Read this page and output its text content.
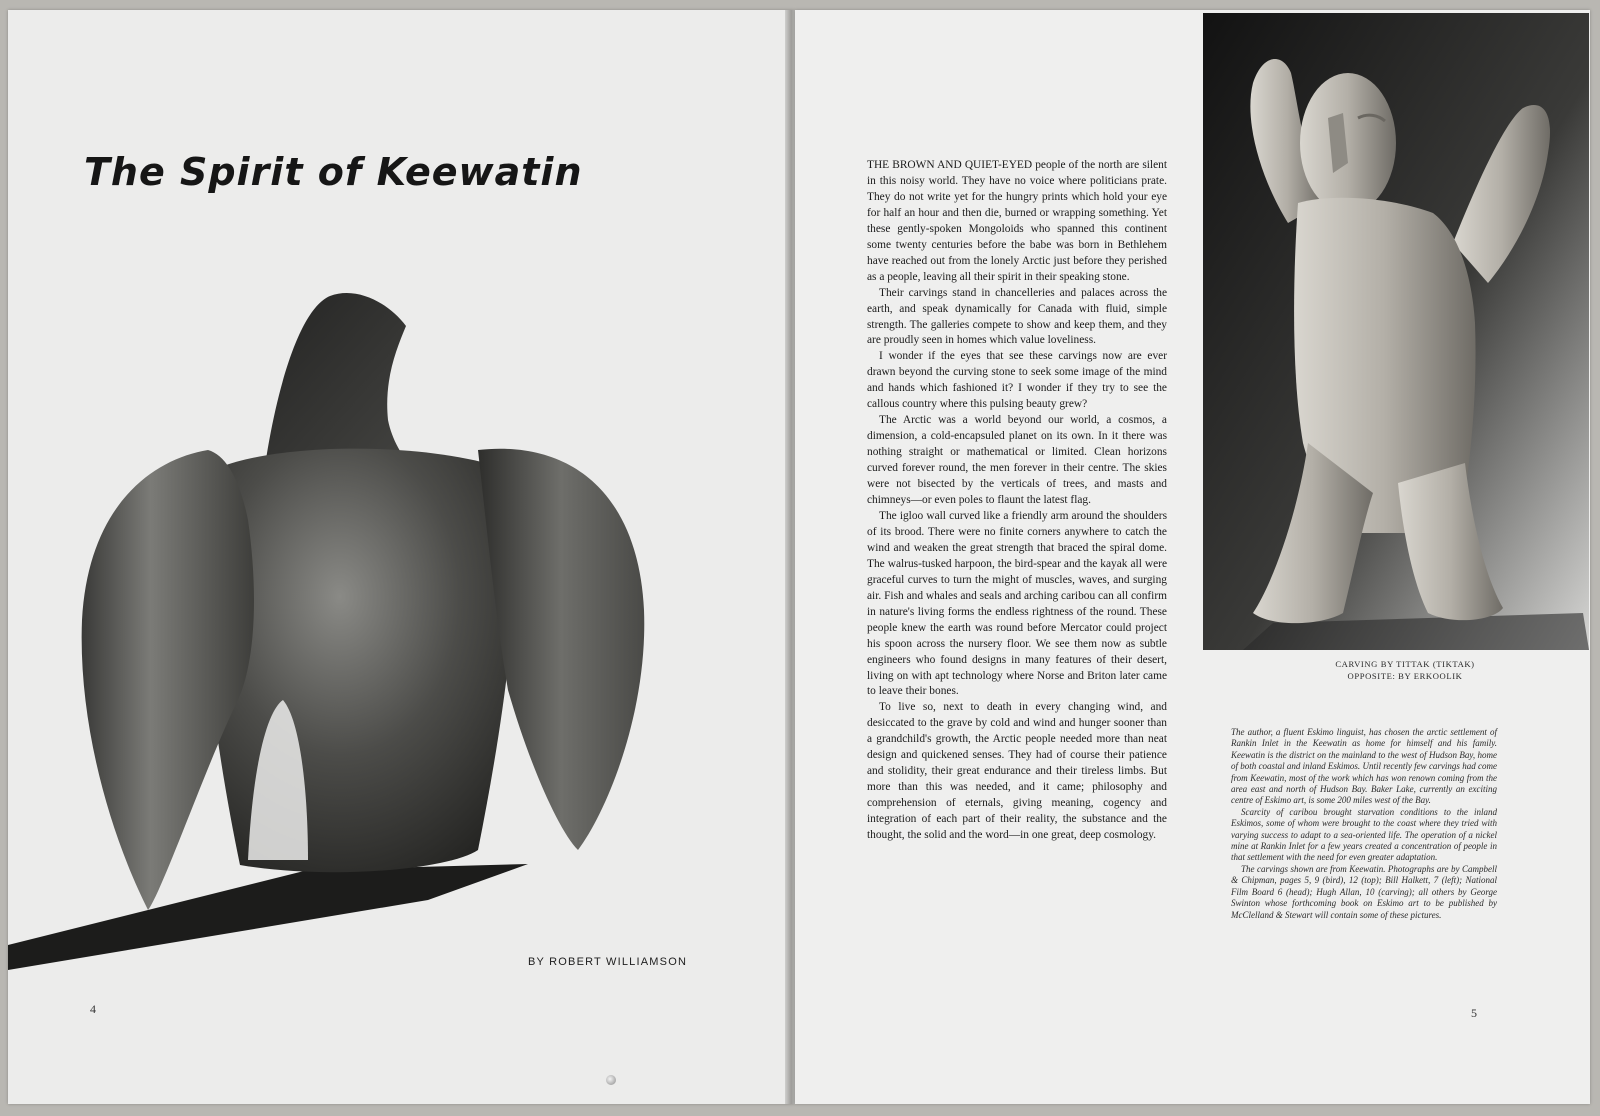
The Spirit of Keewatin
BY ROBERT WILLIAMSON
4

THE BROWN AND QUIET-EYED people of the north are silent in this noisy world. They have no voice where politicians prate. They do not write yet for the hungry prints which hold your eye for half an hour and then die, burned or wrapping something. Yet these gently-spoken Mongoloids who spanned this continent some twenty centuries before the babe was born in Bethlehem have reached out from the lonely Arctic just before they perished as a people, leaving all their spirit in their speaking stone.

Their carvings stand in chancelleries and palaces across the earth, and speak dynamically for Canada with fluid, simple strength. The galleries compete to show and keep them, and they are proudly seen in homes which value loveliness.

I wonder if the eyes that see these carvings now are ever drawn beyond the curving stone to seek some image of the mind and hands which fashioned it? I wonder if they try to see the callous country where this pulsing beauty grew?

The Arctic was a world beyond our world, a cosmos, a dimension, a cold-encapsuled planet on its own. In it there was nothing straight or mathematical or limited. Clean horizons curved forever round, the men forever in their centre. The skies were not bisected by the verticals of trees, and masts and chimneys—or even poles to flaunt the latest flag.

The igloo wall curved like a friendly arm around the shoulders of its brood. There were no finite corners anywhere to catch the wind and weaken the great strength that braced the spiral dome. The walrus-tusked harpoon, the bird-spear and the kayak all were graceful curves to turn the might of muscles, waves, and surging air. Fish and whales and seals and arching caribou can all confirm in nature's living forms the endless rightness of the round. These people knew the earth was round before Mercator could project his spoon across the nursery floor. We see them now as subtle engineers who found designs in many features of their desert, living on with apt technology where Norse and Briton later came to leave their bones.

To live so, next to death in every changing wind, and desiccated to the grave by cold and wind and hunger sooner than a grandchild's growth, the Arctic people needed more than neat design and quickened senses. They had of course their patience and stolidity, their great endurance and their tireless limbs. But more than this was needed, and it came; philosophy and comprehension of eternals, giving meaning, cogency and integration of each part of their reality, the substance and the thought, the solid and the word—in one great, deep cosmology.

CARVING BY TITTAK (TIKTAK)
OPPOSITE: BY ERKOOLIK

The author, a fluent Eskimo linguist, has chosen the arctic settlement of Rankin Inlet in the Keewatin as home for himself and his family. Keewatin is the district on the mainland to the west of Hudson Bay, home of both coastal and inland Eskimos. Until recently few carvings had come from Keewatin, most of the work which has won renown coming from the area east and north of Hudson Bay. Baker Lake, currently an exciting centre of Eskimo art, is some 200 miles west of the Bay.

Scarcity of caribou brought starvation conditions to the inland Eskimos, some of whom were brought to the coast where they tried with varying success to adapt to a sea-oriented life. The operation of a nickel mine at Rankin Inlet for a few years created a concentration of people in that settlement with the need for even greater adaptation.

The carvings shown are from Keewatin. Photographs are by Campbell & Chipman, pages 5, 9 (bird), 12 (top); Bill Halkett, 7 (left); National Film Board 6 (head); Hugh Allan, 10 (carving); all others by George Swinton whose forthcoming book on Eskimo art to be published by McClelland & Stewart will contain some of these pictures.

5
